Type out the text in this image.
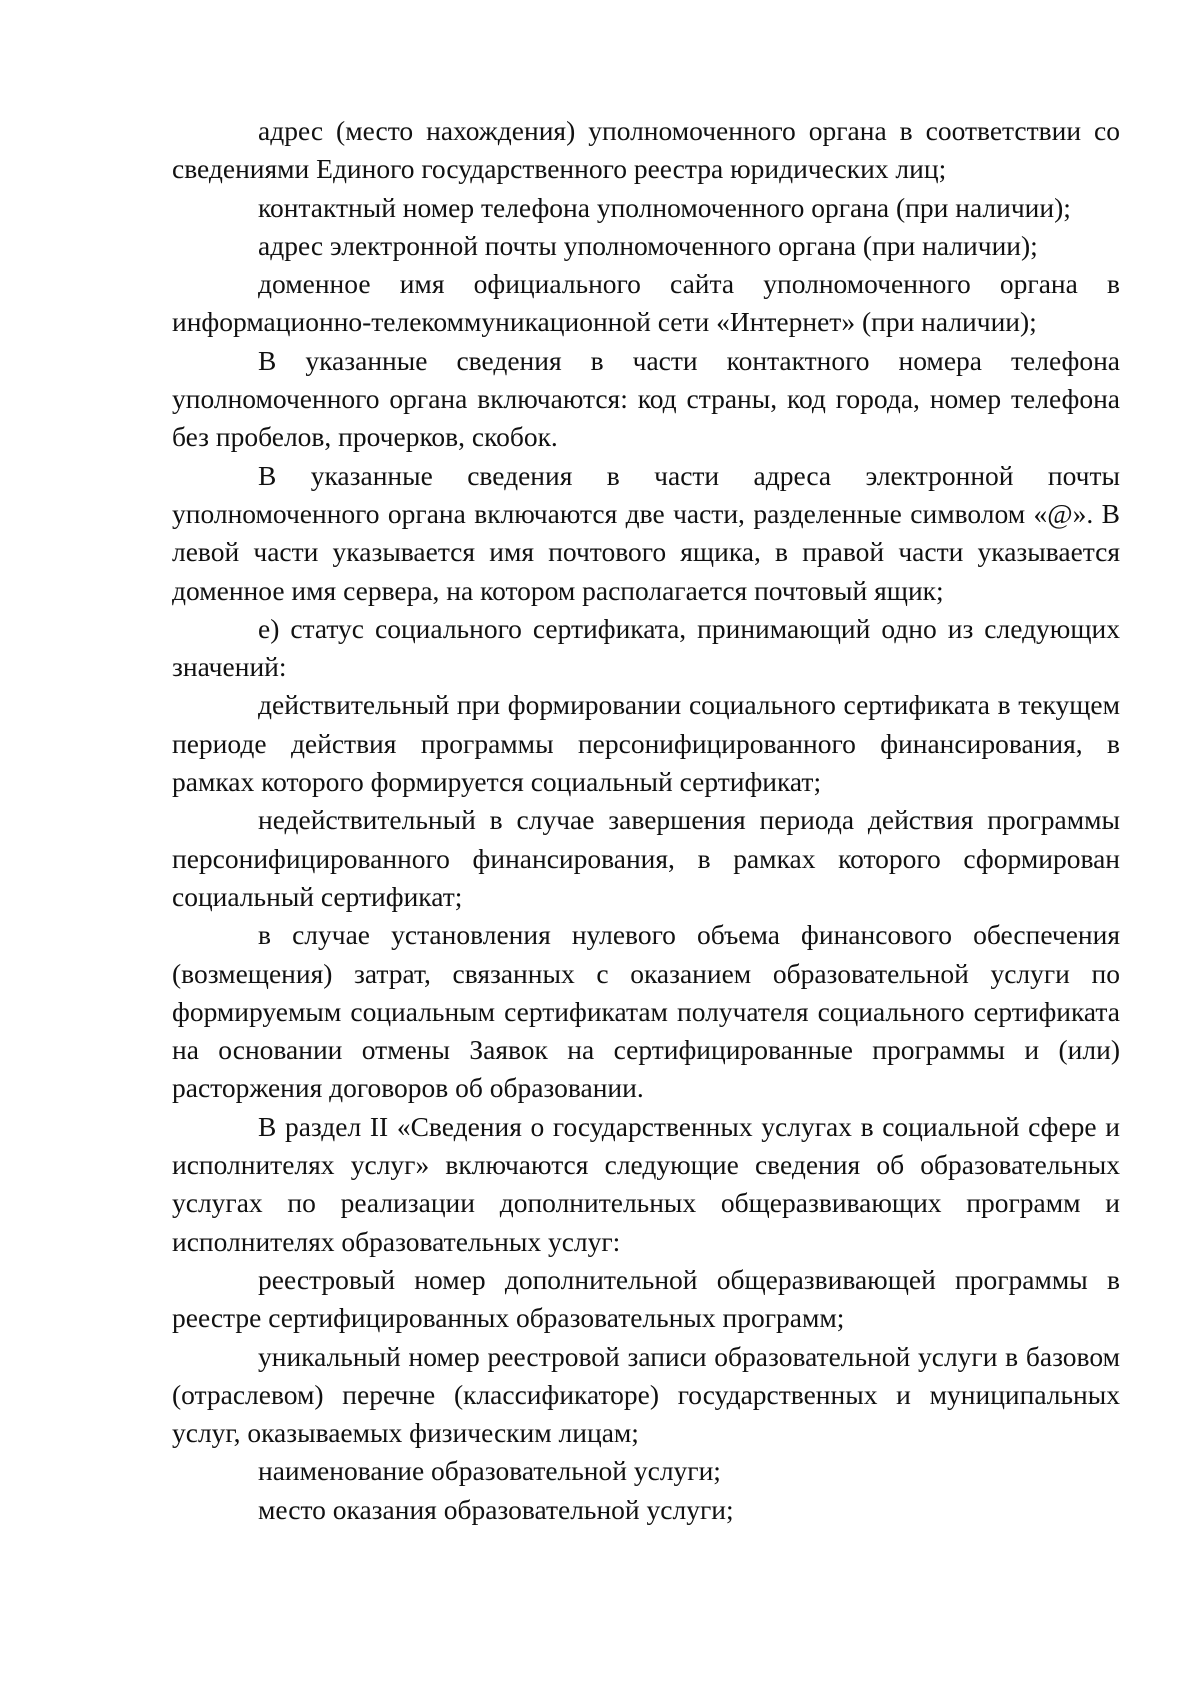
адрес (место нахождения) уполномоченного органа в соответствии со сведениями Единого государственного реестра юридических лиц;

контактный номер телефона уполномоченного органа (при наличии);

адрес электронной почты уполномоченного органа (при наличии);

доменное имя официального сайта уполномоченного органа в информационно-телекоммуникационной сети «Интернет» (при наличии);

В указанные сведения в части контактного номера телефона уполномоченного органа включаются: код страны, код города, номер телефона без пробелов, прочерков, скобок.

В указанные сведения в части адреса электронной почты уполномоченного органа включаются две части, разделенные символом «@». В левой части указывается имя почтового ящика, в правой части указывается доменное имя сервера, на котором располагается почтовый ящик;

е) статус социального сертификата, принимающий одно из следующих значений:

действительный при формировании социального сертификата в текущем периоде действия программы персонифицированного финансирования, в рамках которого формируется социальный сертификат;

недействительный в случае завершения периода действия программы персонифицированного финансирования, в рамках которого сформирован социальный сертификат;

в случае установления нулевого объема финансового обеспечения (возмещения) затрат, связанных с оказанием образовательной услуги по формируемым социальным сертификатам получателя социального сертификата на основании отмены Заявок на сертифицированные программы и (или) расторжения договоров об образовании.

В раздел II «Сведения о государственных услугах в социальной сфере и исполнителях услуг» включаются следующие сведения об образовательных услугах по реализации дополнительных общеразвивающих программ и исполнителях образовательных услуг:

реестровый номер дополнительной общеразвивающей программы в реестре сертифицированных образовательных программ;

уникальный номер реестровой записи образовательной услуги в базовом (отраслевом) перечне (классификаторе) государственных и муниципальных услуг, оказываемых физическим лицам;

наименование образовательной услуги;

место оказания образовательной услуги;
